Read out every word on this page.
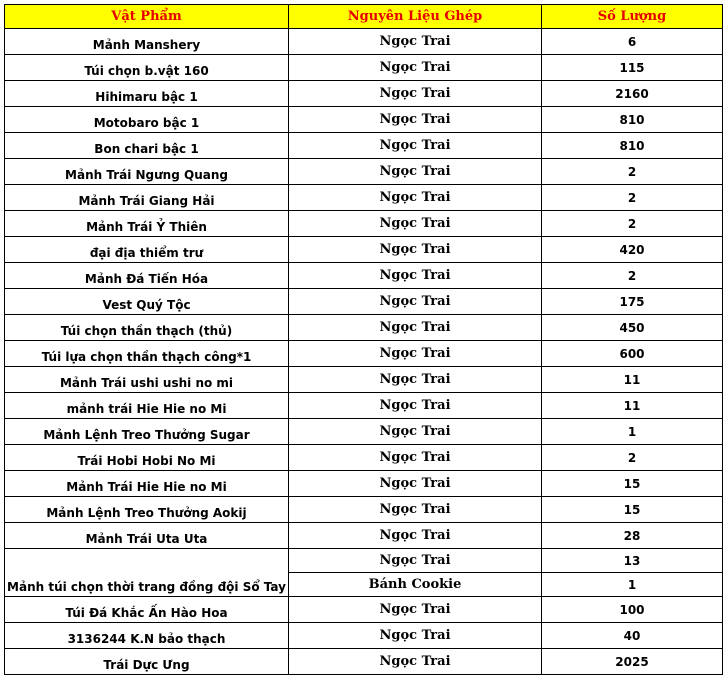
Vật Phẩm	Nguyên Liệu Ghép	Số Lượng
Mảnh Manshery	Ngọc Trai	6
Túi chọn b.vật 160	Ngọc Trai	115
Hihimaru bậc 1	Ngọc Trai	2160
Motobaro bậc 1	Ngọc Trai	810
Bon chari bậc 1	Ngọc Trai	810
Mảnh Trái Ngưng Quang	Ngọc Trai	2
Mảnh Trái Giang Hải	Ngọc Trai	2
Mảnh Trái Ỷ Thiên	Ngọc Trai	2
đại địa thiểm trư	Ngọc Trai	420
Mảnh Đá Tiến Hóa	Ngọc Trai	2
Vest Quý Tộc	Ngọc Trai	175
Túi chọn thần thạch (thủ)	Ngọc Trai	450
Túi lựa chọn thần thạch công*1	Ngọc Trai	600
Mảnh Trái ushi ushi no mi	Ngọc Trai	11
mảnh trái Hie Hie no Mi	Ngọc Trai	11
Mảnh Lệnh Treo Thưởng Sugar	Ngọc Trai	1
Trái Hobi Hobi No Mi	Ngọc Trai	2
Mảnh Trái Hie Hie no Mi	Ngọc Trai	15
Mảnh Lệnh Treo Thưởng Aokij	Ngọc Trai	15
Mảnh Trái Uta Uta	Ngọc Trai	28
Mảnh túi chọn thời trang đồng đội Sổ Tay	Ngọc Trai	13
	Bánh Cookie	1
Túi Đá Khắc Ấn Hào Hoa	Ngọc Trai	100
3136244 K.N bảo thạch	Ngọc Trai	40
Trái Dực Ưng	Ngọc Trai	2025
